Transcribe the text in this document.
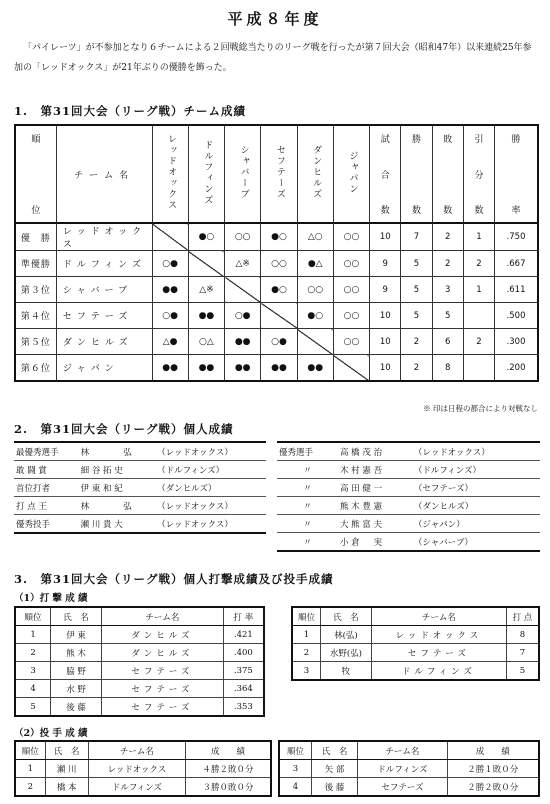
平成８年度

「パイレーツ」が不参加となり６チームによる２回戦総当たりのリーグ戦を行ったが第７回大会（昭和47年）以来連続25年参加の「レッドオックス」が21年ぶりの優勝を飾った。

1.　第31回大会（リーグ戦）チーム成績
順
位	チーム名	レッドオックス	ドルフィンズ	シャバーブ	セフテーズ	ダンヒルズ	ジャパン	試
合
数	勝
数	敗
数	引
分
数	勝
率

優　勝	レッドオックス		●○	○○	●○	△○	○○	10	7	2	1	.750
準優勝	ドルフィンズ	○●		△※	○○	●△	○○	9	5	2	2	.667
第３位	シャバーブ	●●	△※		●○	○○	○○	9	5	3	1	.611
第４位	セフテーズ	○●	●●	○●		●○	○○	10	5	5		.500
第５位	ダンヒルズ	△●	○△	●●	○●		○○	10	2	6	2	.300
第６位	ジャパン	●●	●●	●●	●●	●●		10	2	8		.200
※ 印は日程の都合により対戦なし
2.　第31回大会（リーグ戦）個人成績
最優秀選手	林　　　　弘	（レッドオックス）
敢 闘 賞	細 谷 拓 史	（ドルフィンズ）
首位打者	伊 東 和 紀	（ダンヒルズ）
打 点 王	林　　　　弘	（レッドオックス）
優秀投手	瀬 川 貴 大	（レッドオックス）
優秀選手	高 橋 茂 治	（レッドオックス）
〃	木 村 憲 吾	（ドルフィンズ）
〃	高 田 健 一	（セフテーズ）
〃	熊 木 豊 憲	（ダンヒルズ）
〃	大 熊 富 夫	（ジャパン）
〃	小 倉 　 実	（シャバーブ）
3.　第31回大会（リーグ戦）個人打撃成績及び投手成績
（1）打 撃 成 績
順位	氏　名	チーム名	打 率
1	伊 東	ダンヒルズ	.421
2	熊 木	ダンヒルズ	.400
3	脇 野	セフテーズ	.375
4	水 野	セフテーズ	.364
5	後 藤	セフテーズ	.353
順位	氏　名	チーム名	打 点
1	林(弘)	レッドオックス	8
2	水野(弘)	セフテーズ	7
3	牧	ドルフィンズ	5
（2）投 手 成 績
順位	氏　名	チーム名	成　　績
1	瀬 川	レッドオックス	４勝２敗０分
2	橋 本	ドルフィンズ	３勝０敗０分
順位	氏　名	チーム名	成　　績
3	矢 部	ドルフィンズ	２勝１敗０分
4	後 藤	セフテーズ	２勝２敗０分
